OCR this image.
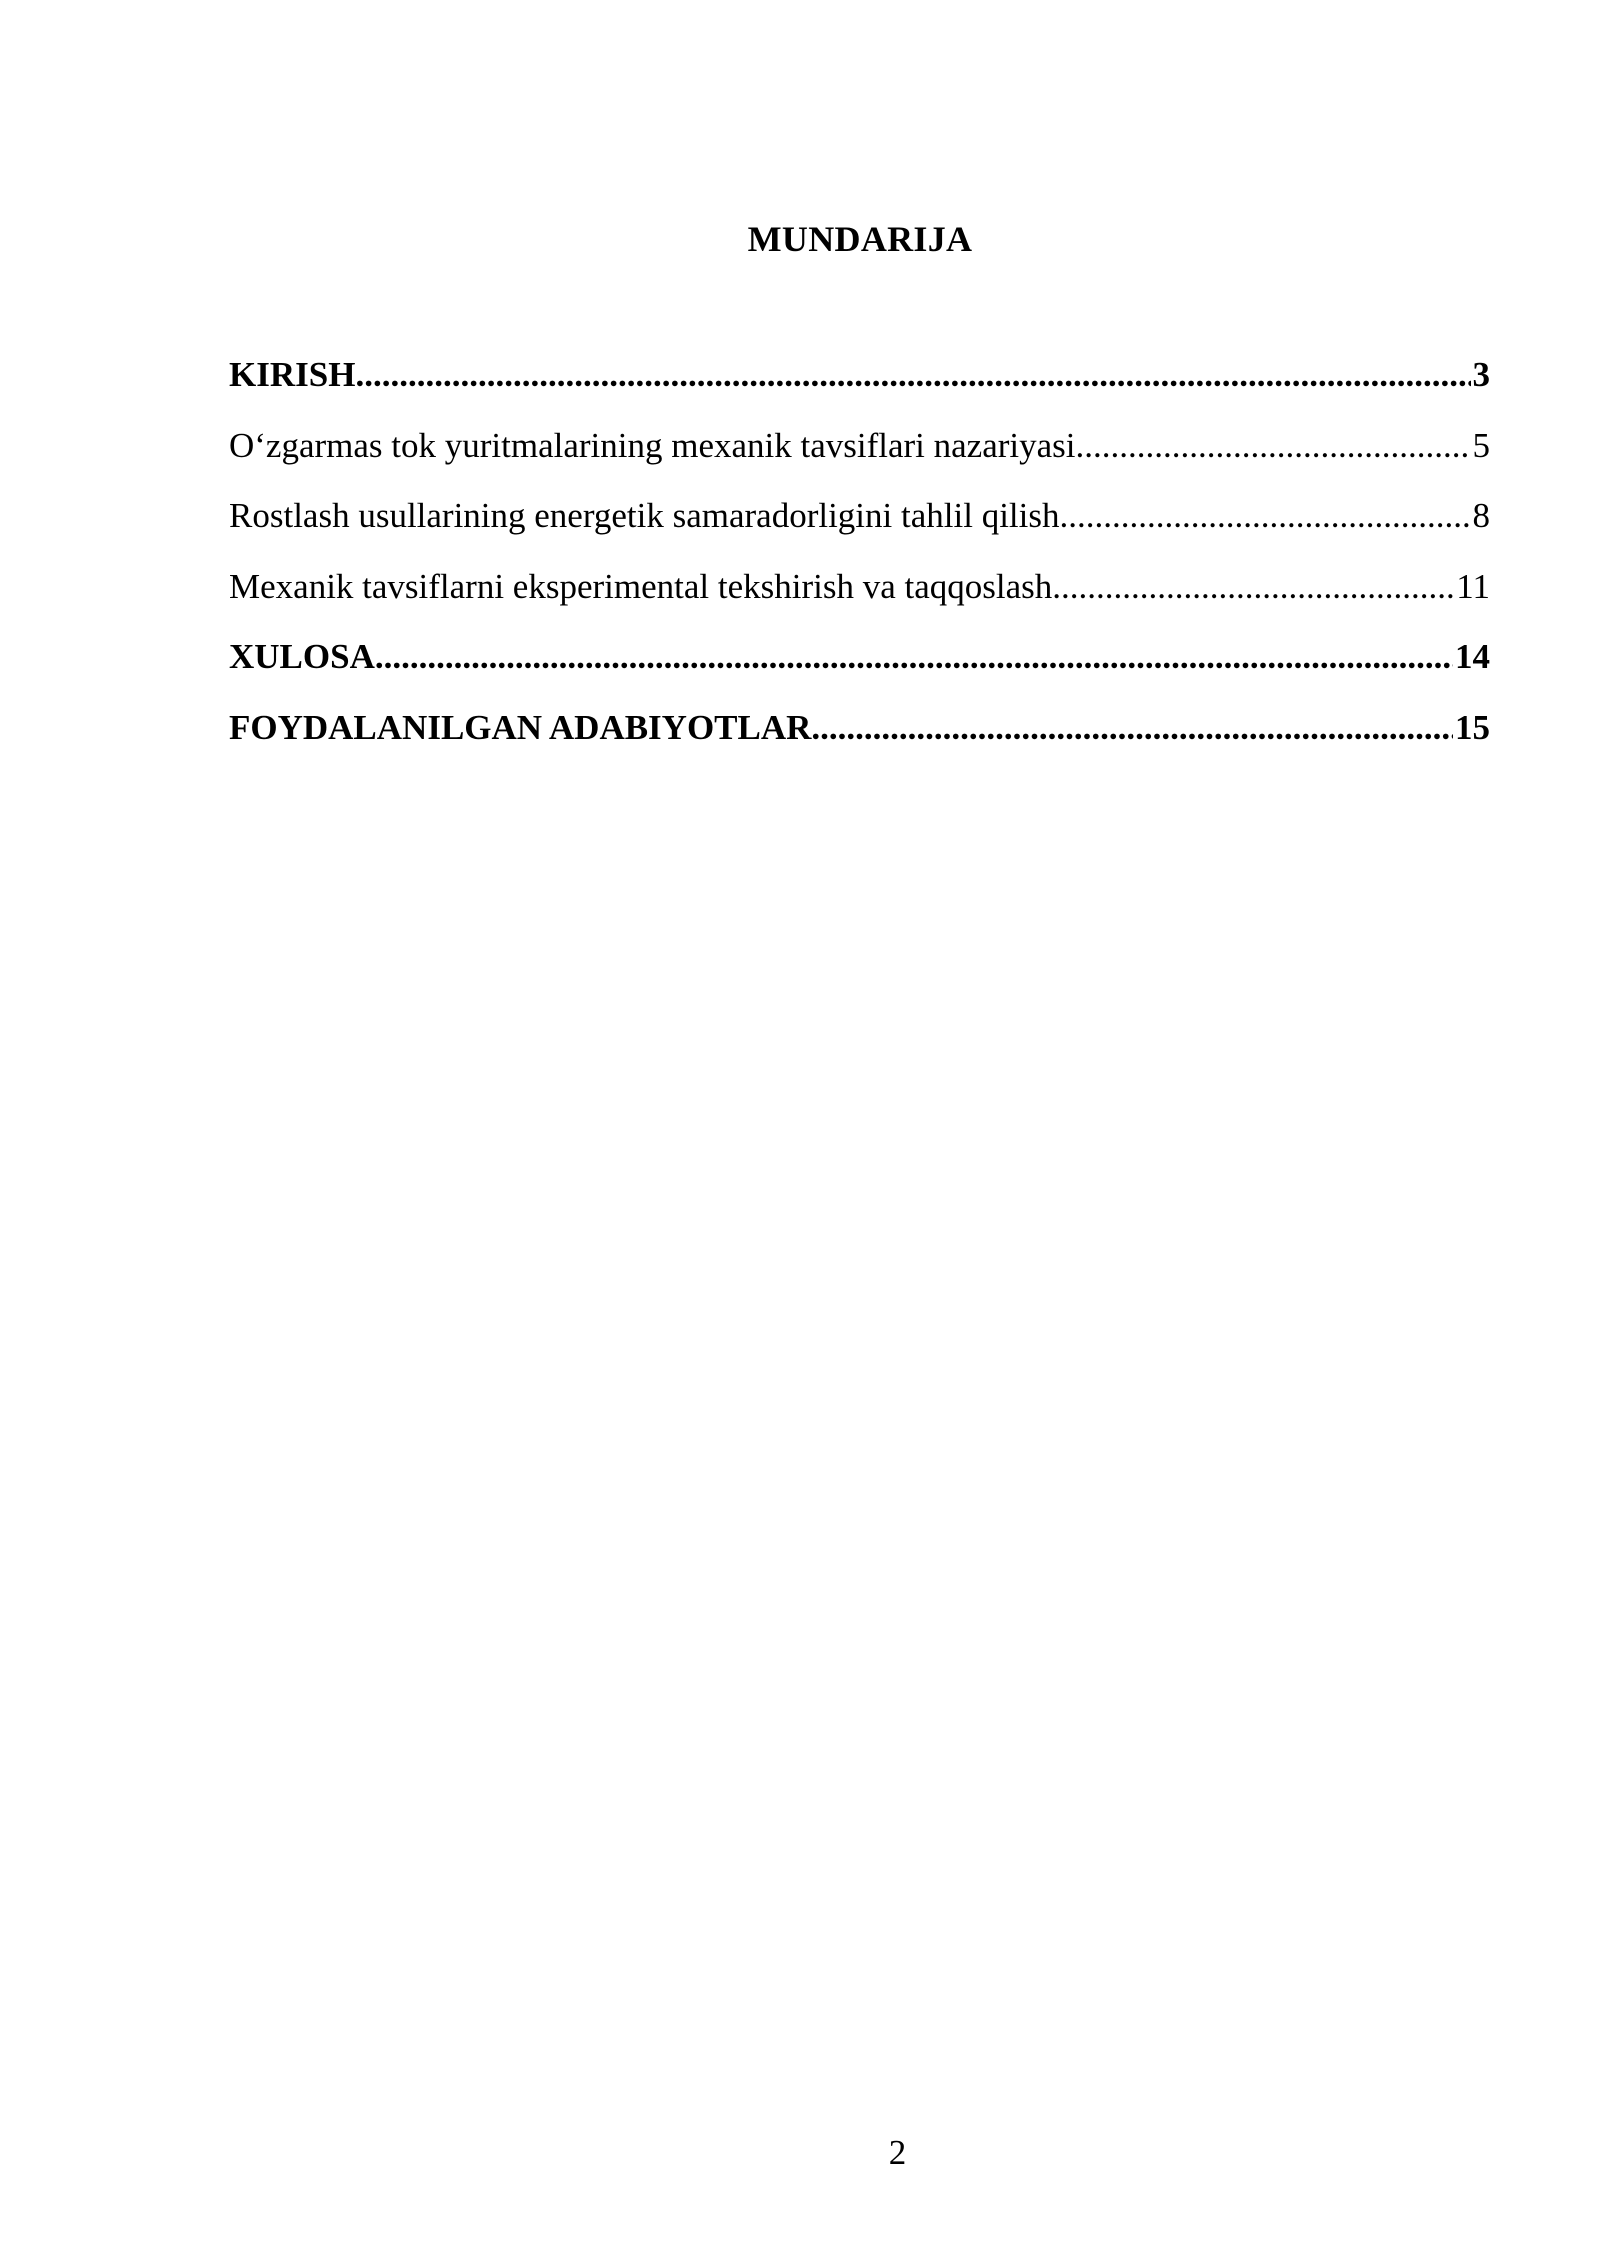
MUNDARIJA
KIRISH .....	3
O‘zgarmas tok yuritmalarining mexanik tavsiflari nazariyasi .....	5
Rostlash usullarining energetik samaradorligini tahlil qilish .....	8
Mexanik tavsiflarni eksperimental tekshirish va taqqoslash .....	11
XULOSA .....	14
FOYDALANILGAN ADABIYOTLAR .....	15
2
